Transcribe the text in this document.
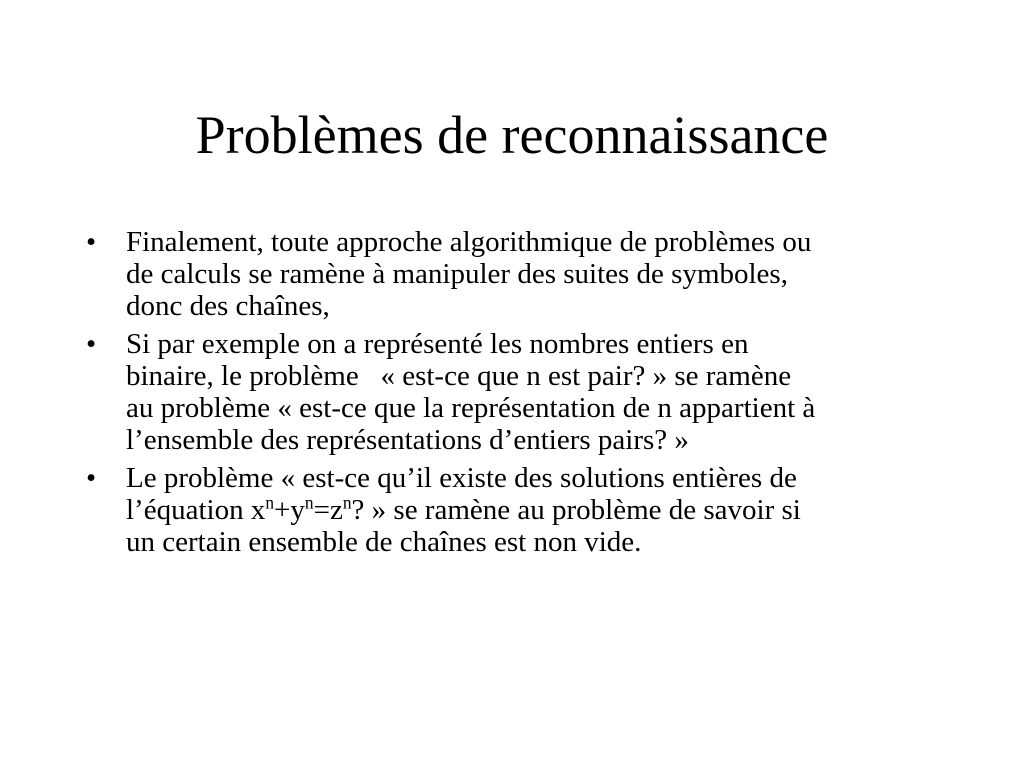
Problèmes de reconnaissance
•	Finalement, toute approche algorithmique de problèmes ou
de calculs se ramène à manipuler des suites de symboles,
donc des chaînes,
•	Si par exemple on a représenté les nombres entiers en
binaire, le problème   « est-ce que n est pair? » se ramène
au problème « est-ce que la représentation de n appartient à
l’ensemble des représentations d’entiers pairs? »
•	Le problème « est-ce qu’il existe des solutions entières de
l’équation $x^n+y^n=z^n$? » se ramène au problème de savoir si
un certain ensemble de chaînes est non vide.
